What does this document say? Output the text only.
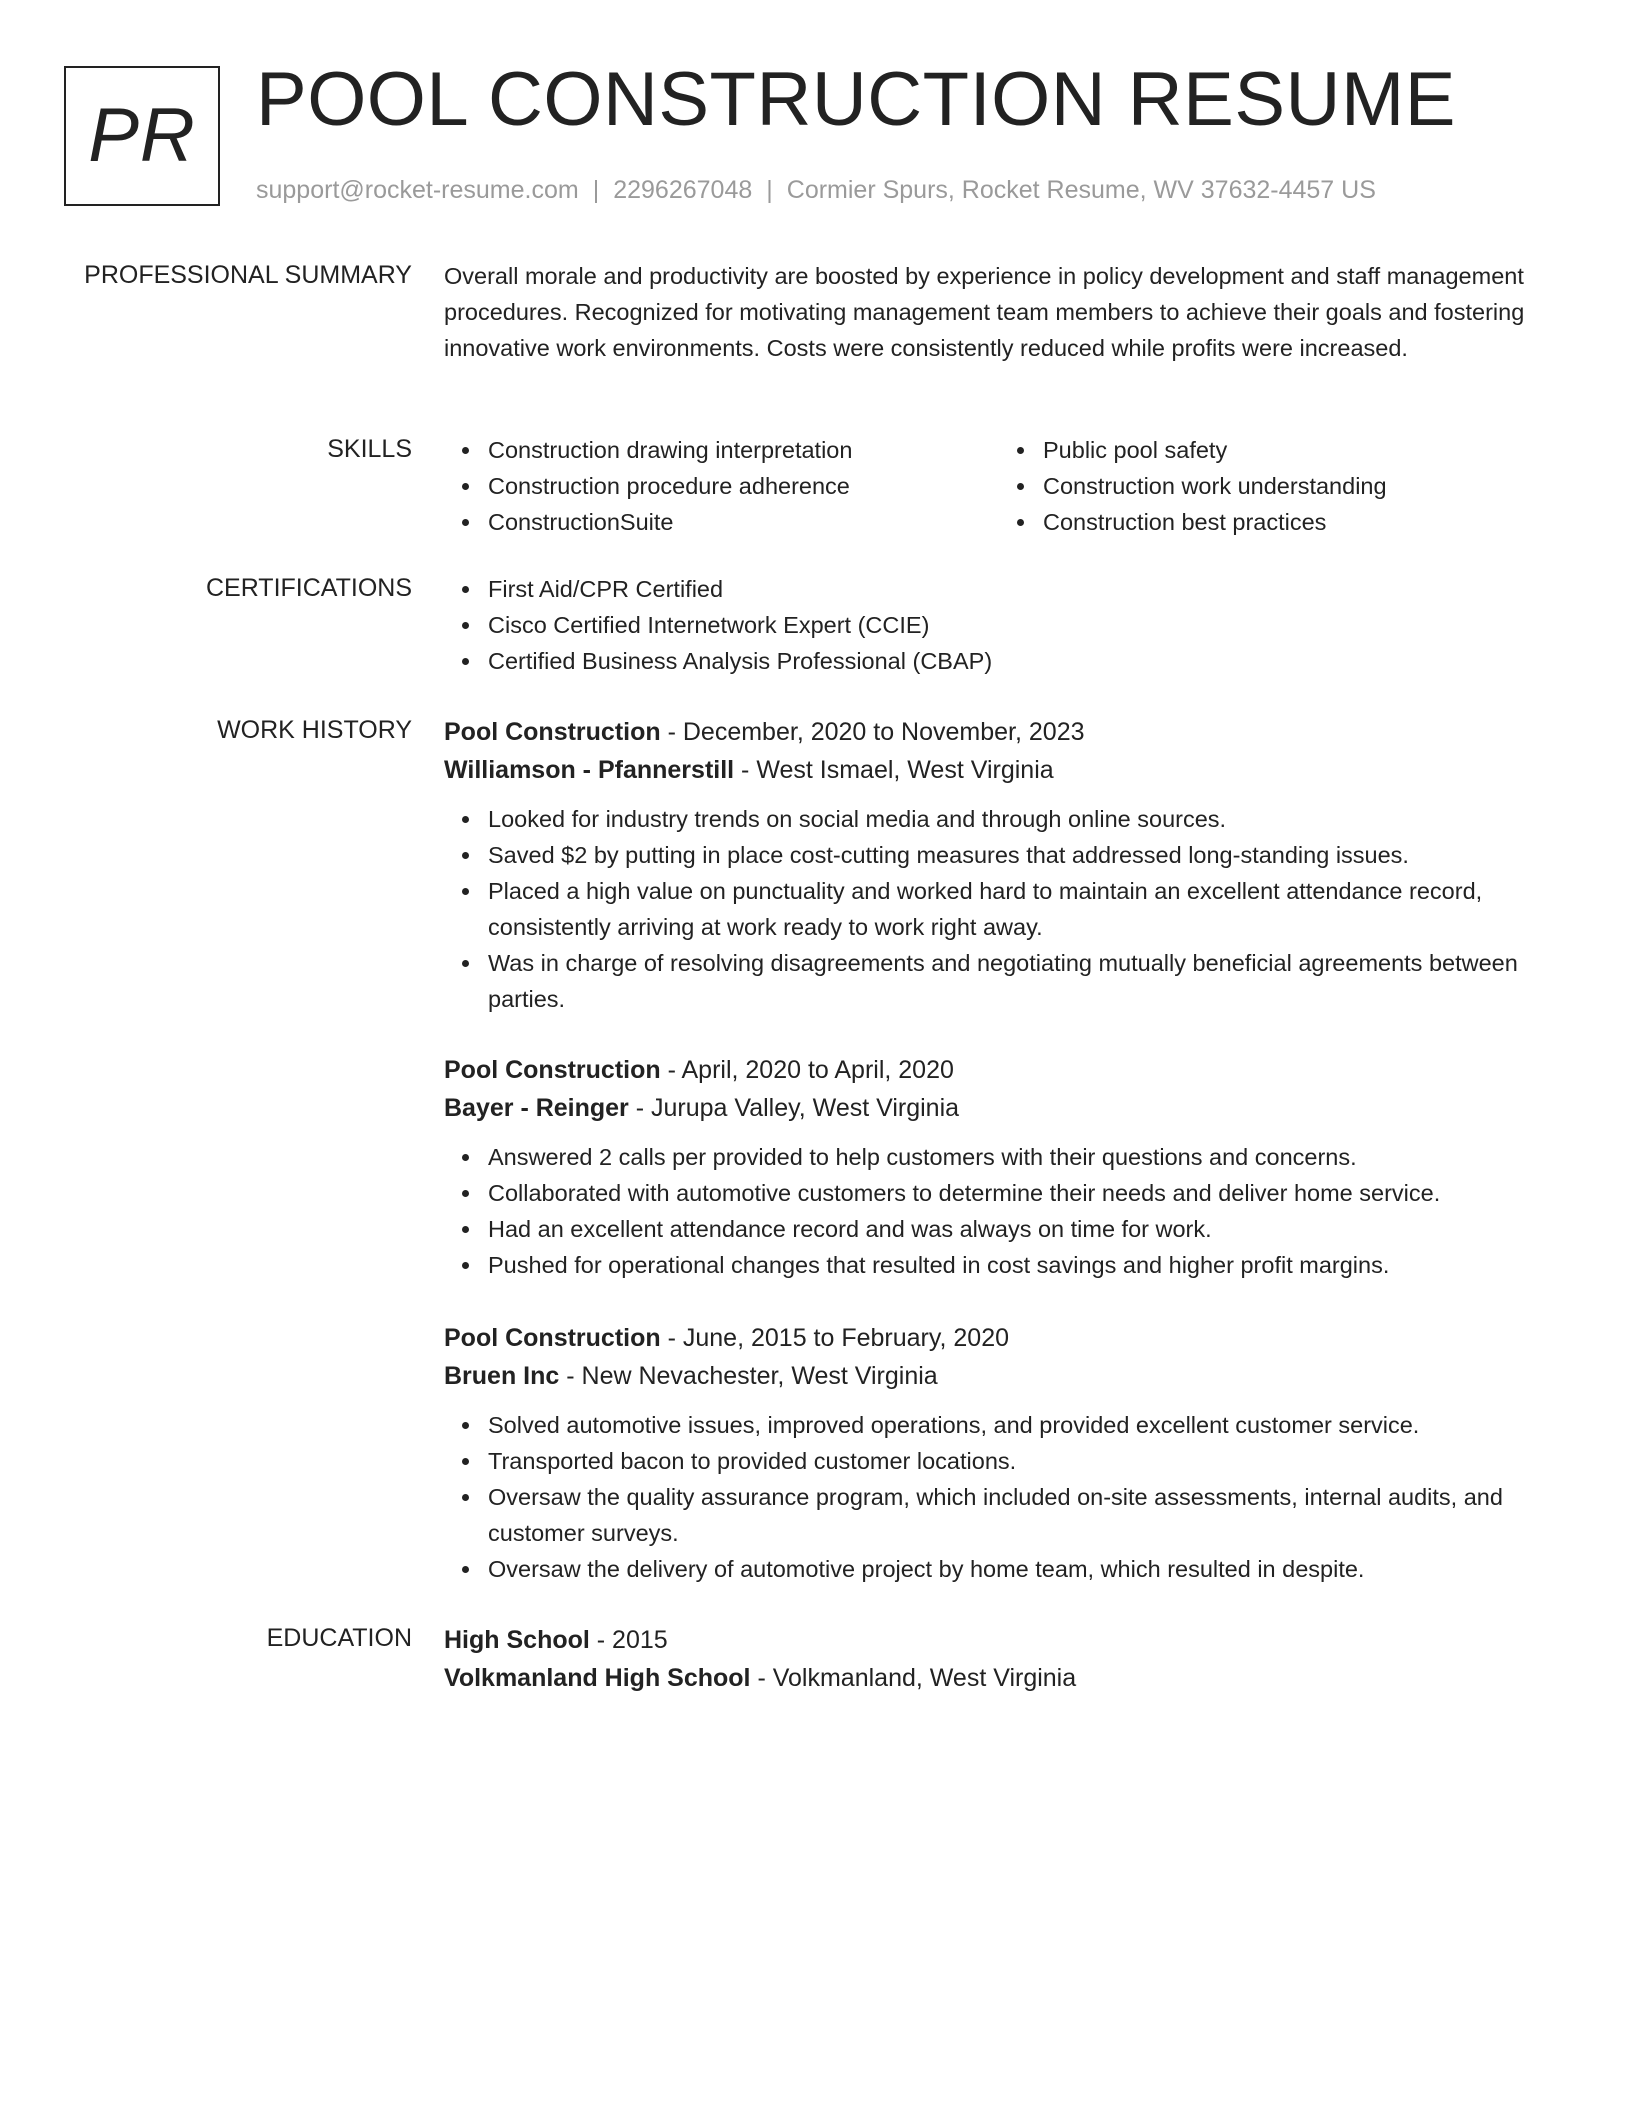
PR POOL CONSTRUCTION RESUME
support@rocket-resume.com | 2296267048 | Cormier Spurs, Rocket Resume, WV 37632-4457 US
PROFESSIONAL SUMMARY Overall morale and productivity are boosted by experience in policy development and staff management procedures. Recognized for motivating management team members to achieve their goals and fostering innovative work environments. Costs were consistently reduced while profits were increased.
SKILLS	Construction drawing interpretation
Construction procedure adherence
ConstructionSuite
Public pool safety
Construction work understanding
Construction best practices
CERTIFICATIONS	First Aid/CPR Certified
Cisco Certified Internetwork Expert (CCIE)
Certified Business Analysis Professional (CBAP)
WORK HISTORY Pool Construction - December, 2020 to November, 2023
Williamson - Pfannerstill - West Ismael, West Virginia
Looked for industry trends on social media and through online sources.
Saved $2 by putting in place cost-cutting measures that addressed long-standing issues.
Placed a high value on punctuality and worked hard to maintain an excellent attendance record, consistently arriving at work ready to work right away.
Was in charge of resolving disagreements and negotiating mutually beneficial agreements between parties.
Pool Construction - April, 2020 to April, 2020
Bayer - Reinger - Jurupa Valley, West Virginia
Answered 2 calls per provided to help customers with their questions and concerns.
Collaborated with automotive customers to determine their needs and deliver home service.
Had an excellent attendance record and was always on time for work.
Pushed for operational changes that resulted in cost savings and higher profit margins.
Pool Construction - June, 2015 to February, 2020
Bruen Inc - New Nevachester, West Virginia
Solved automotive issues, improved operations, and provided excellent customer service.
Transported bacon to provided customer locations.
Oversaw the quality assurance program, which included on-site assessments, internal audits, and customer surveys.
Oversaw the delivery of automotive project by home team, which resulted in despite.
EDUCATION High School - 2015
Volkmanland High School - Volkmanland, West Virginia
